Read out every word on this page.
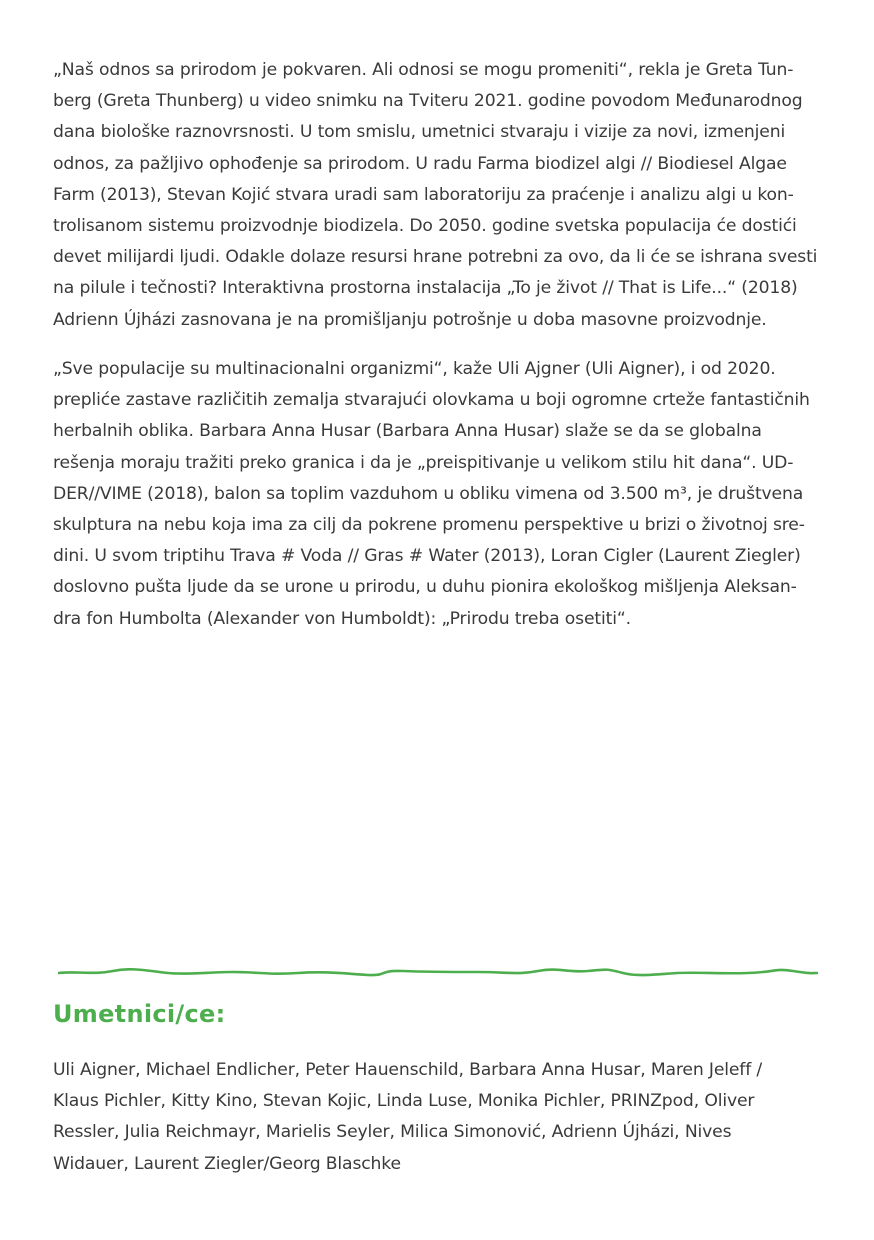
„Naš odnos sa prirodom je pokvaren. Ali odnosi se mogu promeniti“, rekla je Greta Tun-
berg (Greta Thunberg) u video snimku na Tviteru 2021. godine povodom Međunarodnog
dana biološke raznovrsnosti. U tom smislu, umetnici stvaraju i vizije za novi, izmenjeni
odnos, za pažljivo ophođenje sa prirodom. U radu Farma biodizel algi // Biodiesel Algae
Farm (2013), Stevan Kojić stvara uradi sam laboratoriju za praćenje i analizu algi u kon-
trolisanom sistemu proizvodnje biodizela. Do 2050. godine svetska populacija će dostići
devet milijardi ljudi. Odakle dolaze resursi hrane potrebni za ovo, da li će se ishrana svesti
na pilule i tečnosti? Interaktivna prostorna instalacija „To je život // That is Life...“ (2018)
Adrienn Újházi zasnovana je na promišljanju potrošnje u doba masovne proizvodnje.
„Sve populacije su multinacionalni organizmi“, kaže Uli Ajgner (Uli Aigner), i od 2020.
prepliće zastave različitih zemalja stvarajući olovkama u boji ogromne crteže fantastičnih
herbalnih oblika. Barbara Anna Husar (Barbara Anna Husar) slaže se da se globalna
rešenja moraju tražiti preko granica i da je „preispitivanje u velikom stilu hit dana“. UD-
DER//VIME (2018), balon sa toplim vazduhom u obliku vimena od 3.500 m³, je društvena
skulptura na nebu koja ima za cilj da pokrene promenu perspektive u brizi o životnoj sre-
dini. U svom triptihu Trava # Voda // Gras # Water (2013), Loran Cigler (Laurent Ziegler)
doslovno pušta ljude da se urone u prirodu, u duhu pionira ekološkog mišljenja Aleksan-
dra fon Humbolta (Alexander von Humboldt): „Prirodu treba osetiti“.
Umetnici/ce:
Uli Aigner, Michael Endlicher, Peter Hauenschild, Barbara Anna Husar, Maren Jeleff /
Klaus Pichler, Kitty Kino, Stevan Kojic, Linda Luse, Monika Pichler, PRINZpod, Oliver
Ressler, Julia Reichmayr, Marielis Seyler, Milica Simonović, Adrienn Újházi, Nives
Widauer, Laurent Ziegler/Georg Blaschke
